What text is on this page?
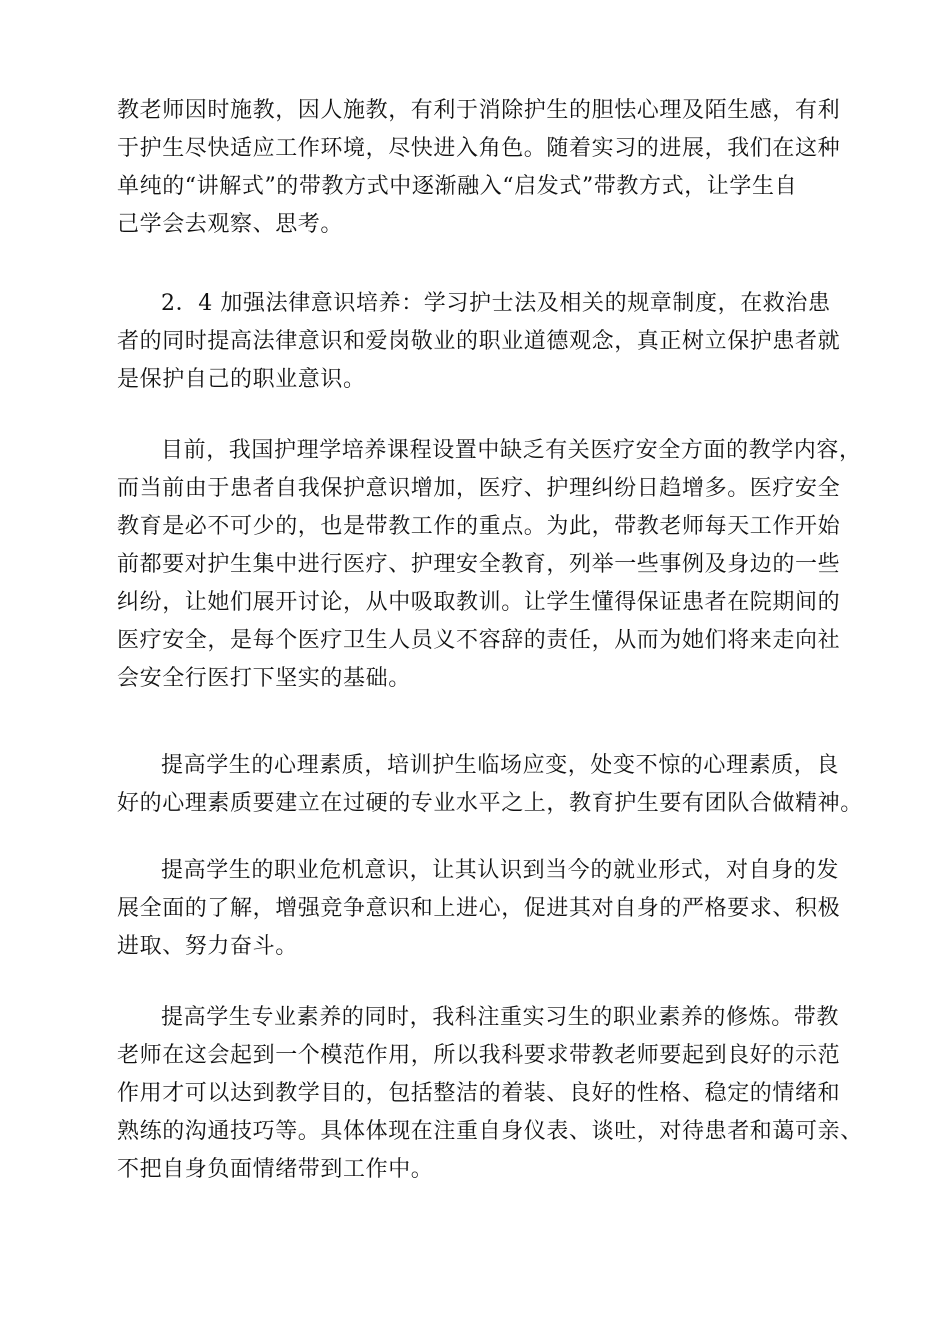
教老师因时施教，因人施教，有利于消除护生的胆怯心理及陌生感，有利
于护生尽快适应工作环境，尽快进入角色。随着实习的进展，我们在这种
单纯的“讲解式”的带教方式中逐渐融入“启发式”带教方式，让学生自
己学会去观察、思考。
2．4 加强法律意识培养：学习护士法及相关的规章制度，在救治患
者的同时提高法律意识和爱岗敬业的职业道德观念，真正树立保护患者就
是保护自己的职业意识。
目前，我国护理学培养课程设置中缺乏有关医疗安全方面的教学内容，
而当前由于患者自我保护意识增加，医疗、护理纠纷日趋增多。医疗安全
教育是必不可少的，也是带教工作的重点。为此，带教老师每天工作开始
前都要对护生集中进行医疗、护理安全教育，列举一些事例及身边的一些
纠纷，让她们展开讨论，从中吸取教训。让学生懂得保证患者在院期间的
医疗安全，是每个医疗卫生人员义不容辞的责任，从而为她们将来走向社
会安全行医打下坚实的基础。
提高学生的心理素质，培训护生临场应变，处变不惊的心理素质，良
好的心理素质要建立在过硬的专业水平之上，教育护生要有团队合做精神。
提高学生的职业危机意识，让其认识到当今的就业形式，对自身的发
展全面的了解，增强竞争意识和上进心，促进其对自身的严格要求、积极
进取、努力奋斗。
提高学生专业素养的同时，我科注重实习生的职业素养的修炼。带教
老师在这会起到一个模范作用，所以我科要求带教老师要起到良好的示范
作用才可以达到教学目的，包括整洁的着装、良好的性格、稳定的情绪和
熟练的沟通技巧等。具体体现在注重自身仪表、谈吐，对待患者和蔼可亲、
不把自身负面情绪带到工作中。
